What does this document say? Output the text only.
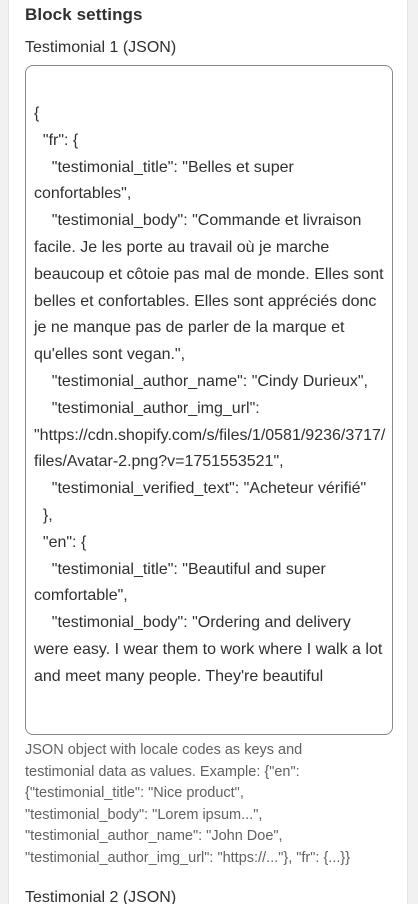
Block settings
Testimonial 1 (JSON)
{
"fr": {
"testimonial_title": "Belles et super confortables",
"testimonial_body": "Commande et livraison facile. Je les porte au travail où je marche beaucoup et côtoie pas mal de monde. Elles sont belles et confortables. Elles sont appréciés donc je ne manque pas de parler de la marque et qu'elles sont vegan.",
"testimonial_author_name": "Cindy Durieux",
"testimonial_author_img_url": "https://cdn.shopify.com/s/files/1/0581/9236/3717/files/Avatar-2.png?v=1751553521",
"testimonial_verified_text": "Acheteur vérifié"
},
"en": {
"testimonial_title": "Beautiful and super comfortable",
"testimonial_body": "Ordering and delivery were easy. I wear them to work where I walk a lot and meet many people. They're beautiful

JSON object with locale codes as keys and
testimonial data as values. Example: {"en":
{"testimonial_title": "Nice product",
"testimonial_body": "Lorem ipsum...",
"testimonial_author_name": "John Doe",
"testimonial_author_img_url": "https://..."}, "fr": {...}}

Testimonial 2 (JSON)
